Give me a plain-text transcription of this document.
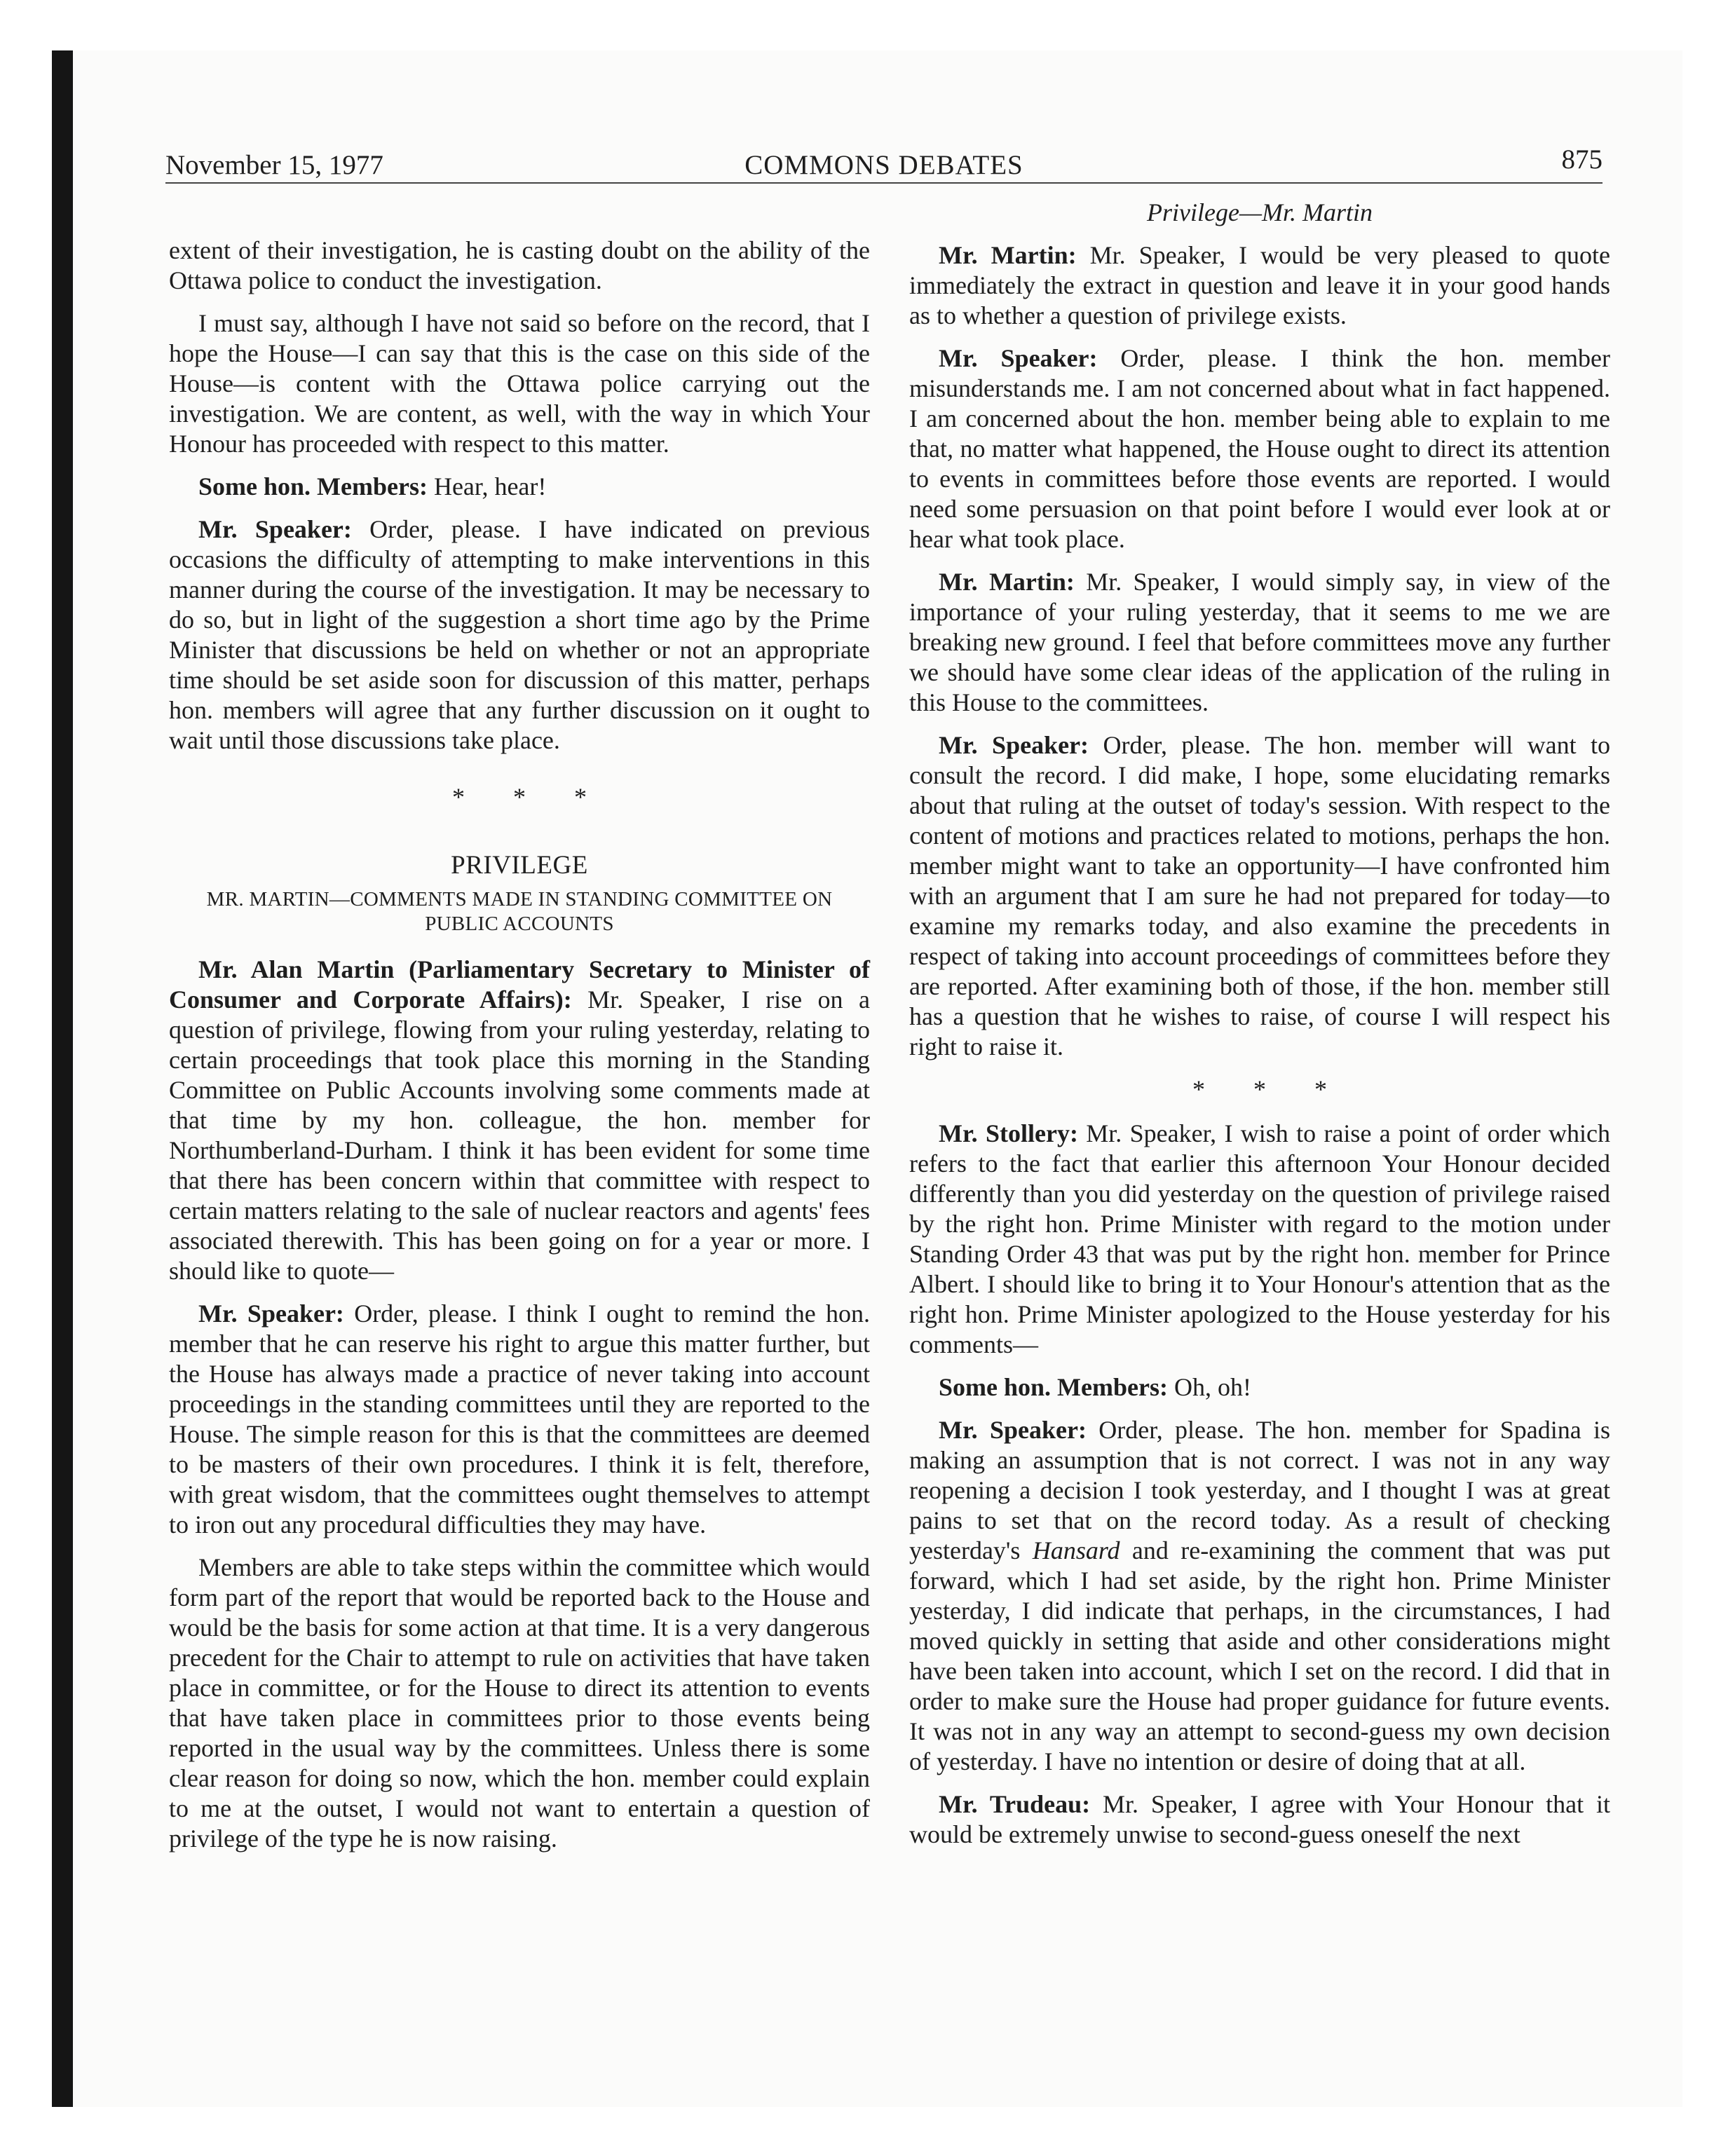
November 15, 1977	COMMONS DEBATES	875

extent of their investigation, he is casting doubt on the ability of the Ottawa police to conduct the investigation.

I must say, although I have not said so before on the record, that I hope the House—I can say that this is the case on this side of the House—is content with the Ottawa police carrying out the investigation. We are content, as well, with the way in which Your Honour has proceeded with respect to this matter.

Some hon. Members: Hear, hear!

Mr. Speaker: Order, please. I have indicated on previous occasions the difficulty of attempting to make interventions in this manner during the course of the investigation. It may be necessary to do so, but in light of the suggestion a short time ago by the Prime Minister that discussions be held on whether or not an appropriate time should be set aside soon for discussion of this matter, perhaps hon. members will agree that any further discussion on it ought to wait until those discussions take place.

* * *
PRIVILEGE
MR. MARTIN—COMMENTS MADE IN STANDING COMMITTEE ON PUBLIC ACCOUNTS

Mr. Alan Martin (Parliamentary Secretary to Minister of Consumer and Corporate Affairs): Mr. Speaker, I rise on a question of privilege, flowing from your ruling yesterday, relating to certain proceedings that took place this morning in the Standing Committee on Public Accounts involving some comments made at that time by my hon. colleague, the hon. member for Northumberland-Durham. I think it has been evident for some time that there has been concern within that committee with respect to certain matters relating to the sale of nuclear reactors and agents' fees associated therewith. This has been going on for a year or more. I should like to quote—

Mr. Speaker: Order, please. I think I ought to remind the hon. member that he can reserve his right to argue this matter further, but the House has always made a practice of never taking into account proceedings in the standing committees until they are reported to the House. The simple reason for this is that the committees are deemed to be masters of their own procedures. I think it is felt, therefore, with great wisdom, that the committees ought themselves to attempt to iron out any procedural difficulties they may have.

Members are able to take steps within the committee which would form part of the report that would be reported back to the House and would be the basis for some action at that time. It is a very dangerous precedent for the Chair to attempt to rule on activities that have taken place in committee, or for the House to direct its attention to events that have taken place in committees prior to those events being reported in the usual way by the committees. Unless there is some clear reason for doing so now, which the hon. member could explain to me at the outset, I would not want to entertain a question of privilege of the type he is now raising.

Privilege—Mr. Martin

Mr. Martin: Mr. Speaker, I would be very pleased to quote immediately the extract in question and leave it in your good hands as to whether a question of privilege exists.

Mr. Speaker: Order, please. I think the hon. member misunderstands me. I am not concerned about what in fact happened. I am concerned about the hon. member being able to explain to me that, no matter what happened, the House ought to direct its attention to events in committees before those events are reported. I would need some persuasion on that point before I would ever look at or hear what took place.

Mr. Martin: Mr. Speaker, I would simply say, in view of the importance of your ruling yesterday, that it seems to me we are breaking new ground. I feel that before committees move any further we should have some clear ideas of the application of the ruling in this House to the committees.

Mr. Speaker: Order, please. The hon. member will want to consult the record. I did make, I hope, some elucidating remarks about that ruling at the outset of today's session. With respect to the content of motions and practices related to motions, perhaps the hon. member might want to take an opportunity—I have confronted him with an argument that I am sure he had not prepared for today—to examine my remarks today, and also examine the precedents in respect of taking into account proceedings of committees before they are reported. After examining both of those, if the hon. member still has a question that he wishes to raise, of course I will respect his right to raise it.

* * *

Mr. Stollery: Mr. Speaker, I wish to raise a point of order which refers to the fact that earlier this afternoon Your Honour decided differently than you did yesterday on the question of privilege raised by the right hon. Prime Minister with regard to the motion under Standing Order 43 that was put by the right hon. member for Prince Albert. I should like to bring it to Your Honour's attention that as the right hon. Prime Minister apologized to the House yesterday for his comments—

Some hon. Members: Oh, oh!

Mr. Speaker: Order, please. The hon. member for Spadina is making an assumption that is not correct. I was not in any way reopening a decision I took yesterday, and I thought I was at great pains to set that on the record today. As a result of checking yesterday's Hansard and re-examining the comment that was put forward, which I had set aside, by the right hon. Prime Minister yesterday, I did indicate that perhaps, in the circumstances, I had moved quickly in setting that aside and other considerations might have been taken into account, which I set on the record. I did that in order to make sure the House had proper guidance for future events. It was not in any way an attempt to second-guess my own decision of yesterday. I have no intention or desire of doing that at all.

Mr. Trudeau: Mr. Speaker, I agree with Your Honour that it would be extremely unwise to second-guess oneself the next
